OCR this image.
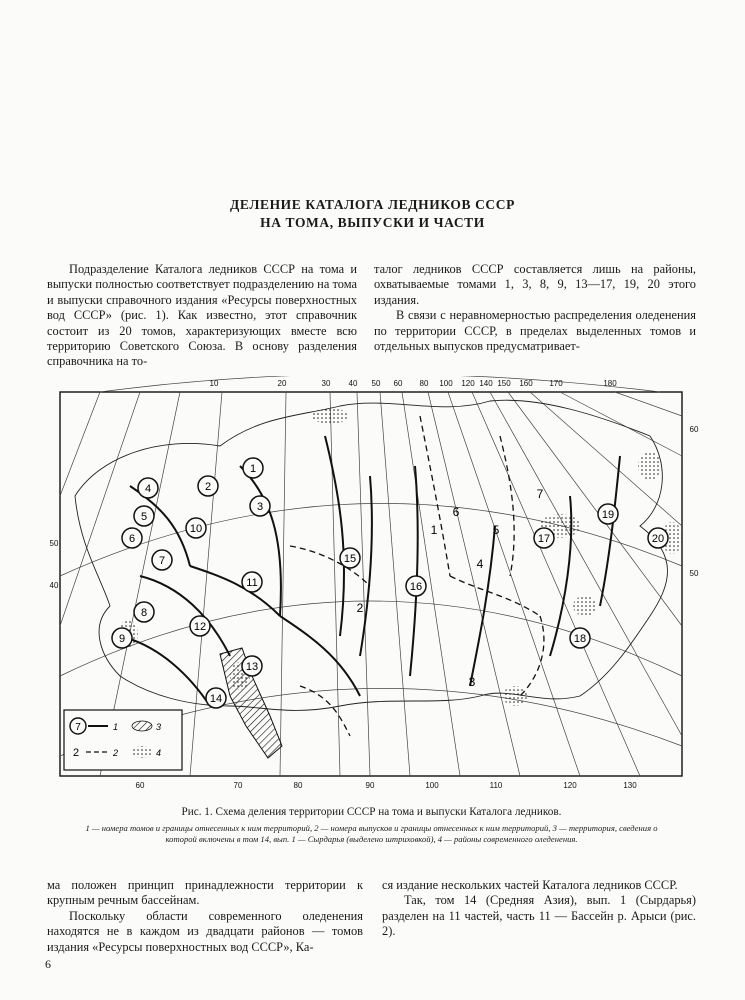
ДЕЛЕНИЕ КАТАЛОГА ЛЕДНИКОВ СССР
НА ТОМА, ВЫПУСКИ И ЧАСТИ

Подразделение Каталога ледников СССР на тома и выпуски полностью соответствует подразделению на тома и выпуски справочного издания «Ресурсы поверхностных вод СССР» (рис. 1). Как известно, этот справочник состоит из 20 томов, характеризующих вместе всю территорию Советского Союза. В основу разделения справочника на то-

талог ледников СССР составляется лишь на районы, охватываемые томами 1, 3, 8, 9, 13—17, 19, 20 этого издания.

В связи с неравномерностью распределения оледенения по территории СССР, в пределах выделенных томов и отдельных выпусков предусматривает-

1
2
3
4
5
6
7
8
9
10
11
12
13
14
15
16
17
18
19
20
1
2
3
4
5
6
7
10	20	30 40 50 60 80 100 120 140 150 160 170	180
60	70	80	90	100	110	120	130
50
40
60
50
7	1	3
2	2	4
Рис. 1. Схема деления территории СССР на тома и выпуски Каталога ледников.
1 — номера томов и границы отнесенных к ним территорий, 2 — номера выпусков и границы отнесенных к ним территорий, 3 — территория, сведения о которой включены в том 14, вып. 1 — Сырдарья (выделено штриховкой), 4 — районы современного оледенения.

ма положен принцип принадлежности территории к крупным речным бассейнам.

Поскольку области современного оледенения находятся не в каждом из двадцати районов — томов издания «Ресурсы поверхностных вод СССР», Ка-

ся издание нескольких частей Каталога ледников СССР.

Так, том 14 (Средняя Азия), вып. 1 (Сырдарья) разделен на 11 частей, часть 11 — Бассейн р. Арыси (рис. 2).

6
